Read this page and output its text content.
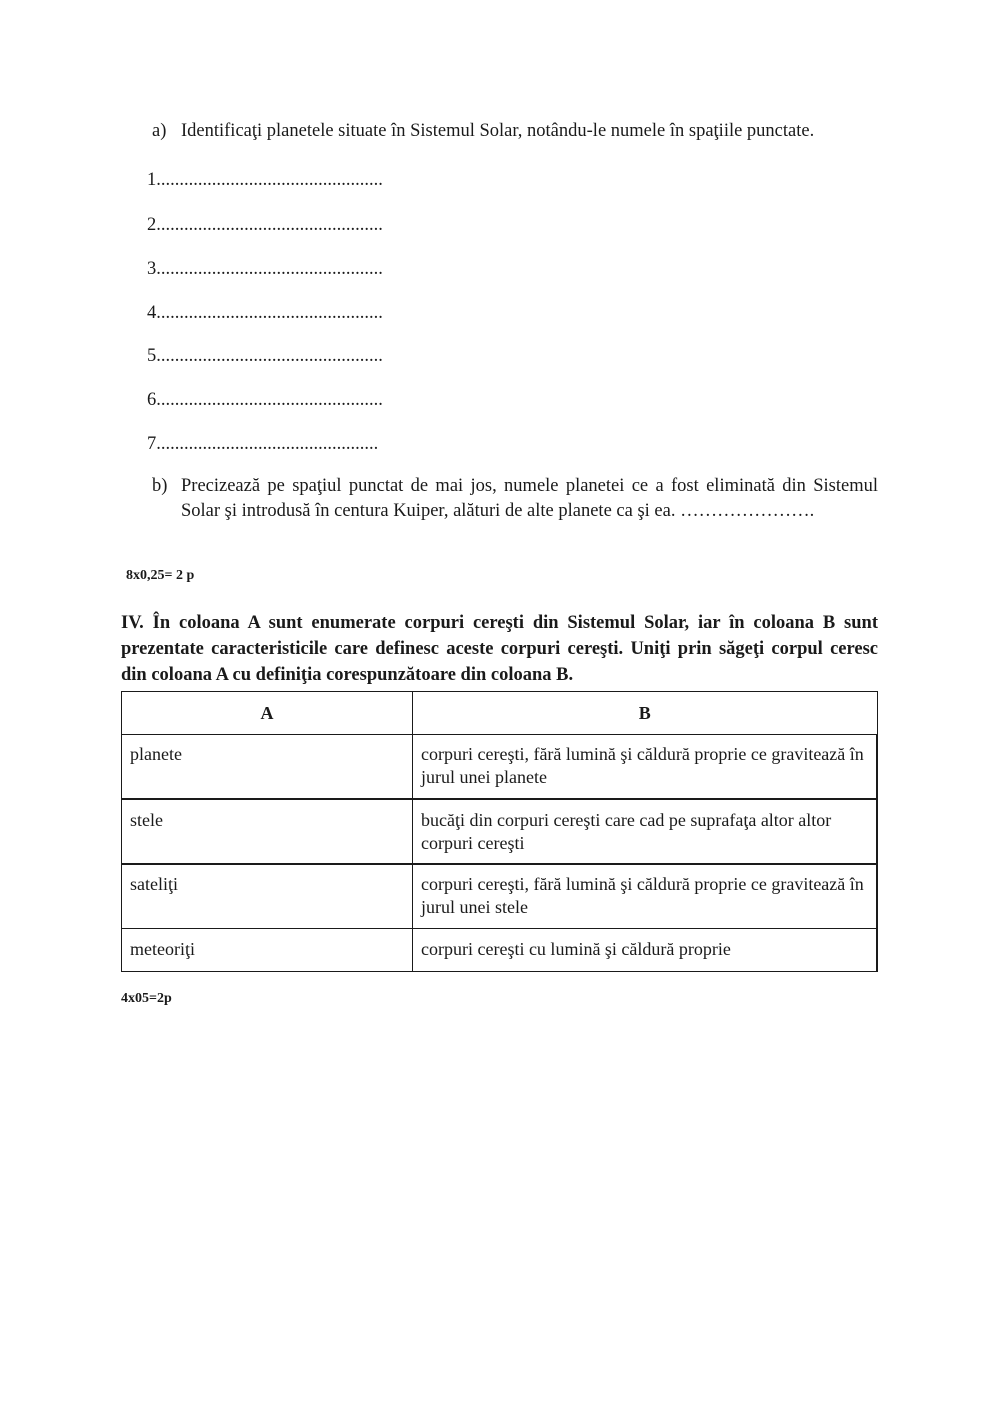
a) Identificaţi planetele situate în Sistemul Solar, notându-le numele în spaţiile punctate.
1.................................................
2.................................................
3.................................................
4.................................................
5.................................................
6.................................................
7................................................
b) Precizează pe spaţiul punctat de mai jos, numele planetei ce a fost eliminată din Sistemul Solar şi introdusă în centura Kuiper, alături de alte planete ca şi ea. ………………….
8x0,25= 2 p
IV. În coloana A sunt enumerate corpuri cereşti din Sistemul Solar, iar în coloana B sunt prezentate caracteristicile care definesc aceste corpuri cereşti. Uniţi prin săgeţi corpul ceresc din coloana A cu definiţia corespunzătoare din coloana B.
A	B
planete	corpuri cereşti, fără lumină şi căldură proprie ce gravitează în jurul unei planete
stele	bucăţi din corpuri cereşti care cad pe suprafaţa altor altor corpuri cereşti
sateliţi	corpuri cereşti, fără lumină şi căldură proprie ce gravitează în jurul unei stele
meteoriţi	corpuri cereşti cu lumină şi căldură proprie
4x05=2p
